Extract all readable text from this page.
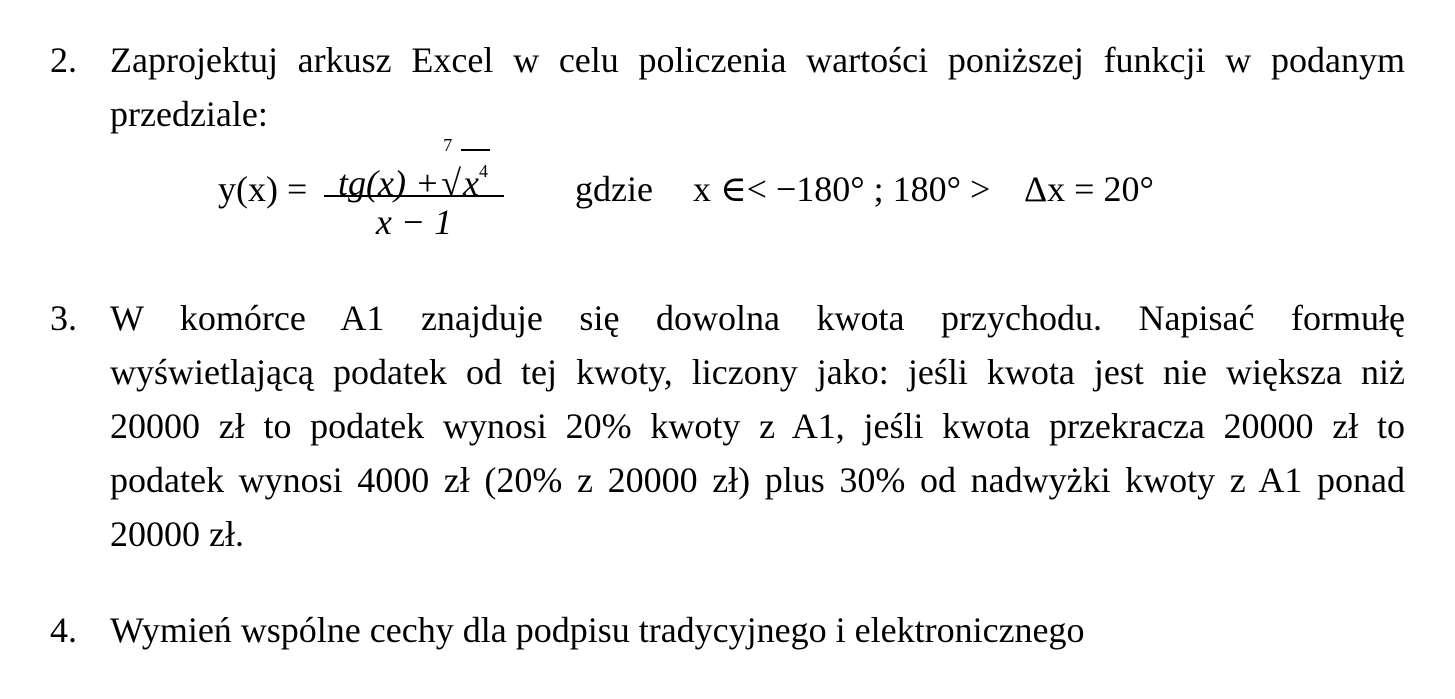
2. Zaprojektuj arkusz Excel w celu policzenia wartości poniższej funkcji w podanym
przedziale:
y(x) = tg(x) +
7
$√x^4$
x − 1
gdzie x ∈< −180° ; 180° > Δx = 20°
3. W komórce A1 znajduje się dowolna kwota przychodu. Napisać formułę
wyświetlającą podatek od tej kwoty, liczony jako: jeśli kwota jest nie większa niż
20000 zł to podatek wynosi 20% kwoty z A1, jeśli kwota przekracza 20000 zł to
podatek wynosi 4000 zł (20% z 20000 zł) plus 30% od nadwyżki kwoty z A1 ponad
20000 zł.
4. Wymień wspólne cechy dla podpisu tradycyjnego i elektronicznego
